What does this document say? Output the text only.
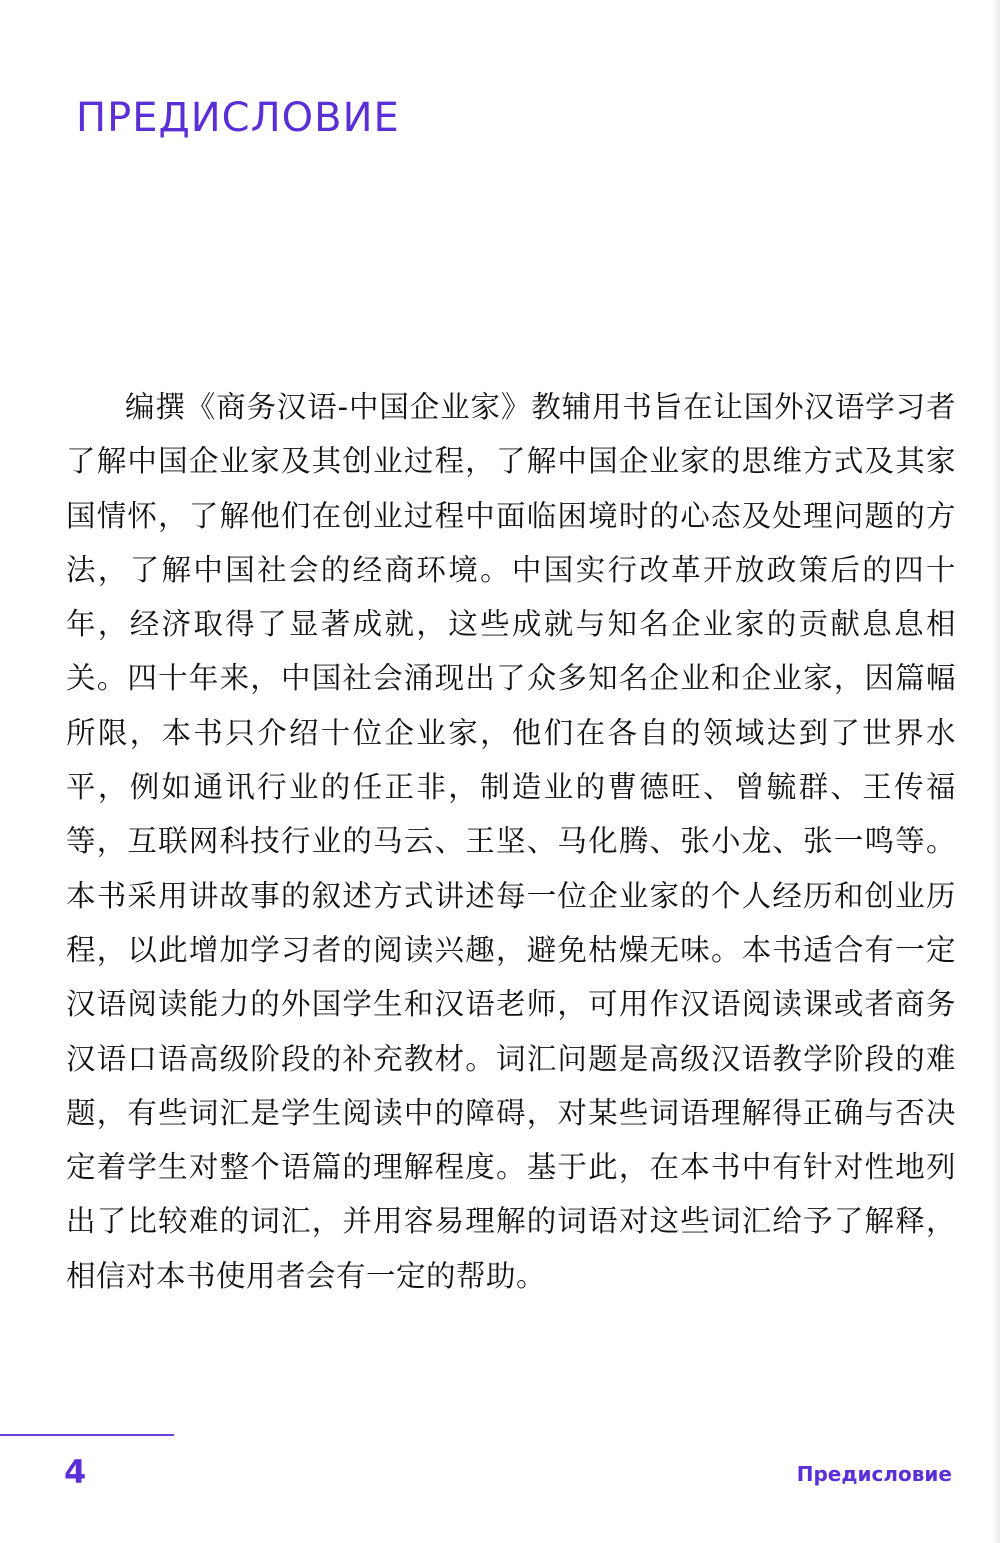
ПРЕДИСЛОВИЕ

编撰《商务汉语-中国企业家》教辅用书旨在让国外汉语学习者了解中国企业家及其创业过程，了解中国企业家的思维方式及其家国情怀，了解他们在创业过程中面临困境时的心态及处理问题的方法，了解中国社会的经商环境。中国实行改革开放政策后的四十年，经济取得了显著成就，这些成就与知名企业家的贡献息息相关。四十年来，中国社会涌现出了众多知名企业和企业家，因篇幅所限，本书只介绍十位企业家，他们在各自的领域达到了世界水平，例如通讯行业的任正非，制造业的曹德旺、曾毓群、王传福等，互联网科技行业的马云、王坚、马化腾、张小龙、张一鸣等。本书采用讲故事的叙述方式讲述每一位企业家的个人经历和创业历程，以此增加学习者的阅读兴趣，避免枯燥无味。本书适合有一定汉语阅读能力的外国学生和汉语老师，可用作汉语阅读课或者商务汉语口语高级阶段的补充教材。词汇问题是高级汉语教学阶段的难题，有些词汇是学生阅读中的障碍，对某些词语理解得正确与否决定着学生对整个语篇的理解程度。基于此，在本书中有针对性地列出了比较难的词汇，并用容易理解的词语对这些词汇给予了解释，相信对本书使用者会有一定的帮助。

4	Предисловие
